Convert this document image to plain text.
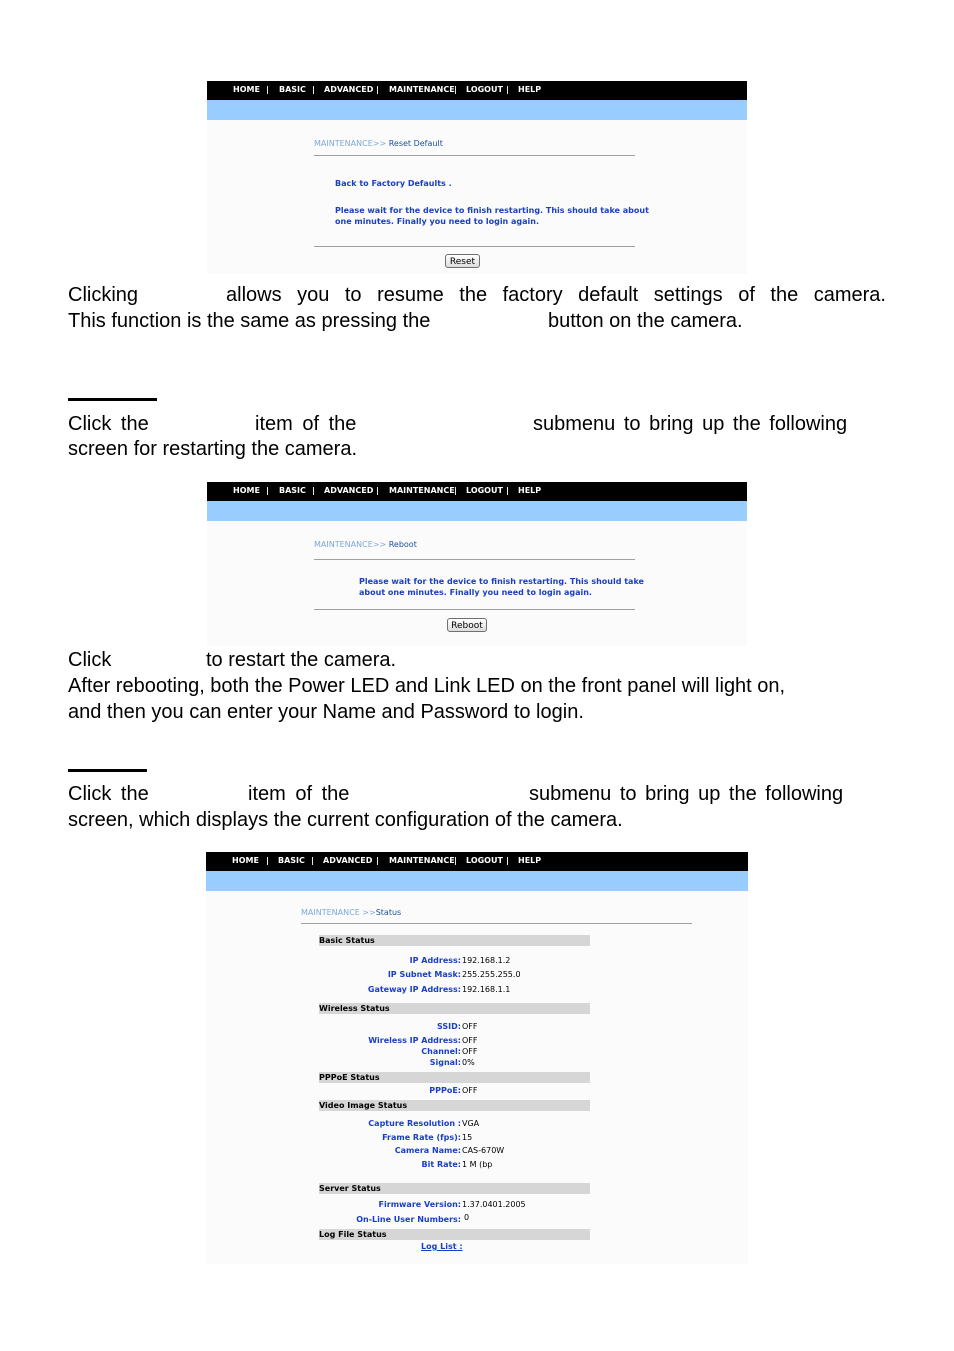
HOME | BASIC | ADVANCED | MAINTENANCE | LOGOUT | HELP
MAINTENANCE>> Reset Default
Back to Factory Defaults .
Please wait for the device to finish restarting. This should take about
one minutes. Finally you need to login again.
Reset
Clicking	allows you to resume the factory default settings of the camera.
This function is the same as pressing the	button on the camera.
Click the	item of the	submenu to bring up the following
screen for restarting the camera.
HOME | BASIC | ADVANCED | MAINTENANCE | LOGOUT | HELP
MAINTENANCE>> Reboot
Please wait for the device to finish restarting. This should take
about one minutes. Finally you need to login again.
Reboot
Click	to restart the camera.
After rebooting, both the Power LED and Link LED on the front panel will light on,
and then you can enter your Name and Password to login.
Click the	item of the	submenu to bring up the following
screen, which displays the current configuration of the camera.
HOME | BASIC | ADVANCED | MAINTENANCE | LOGOUT | HELP
MAINTENANCE >>Status
Basic Status
IP Address: 192.168.1.2
IP Subnet Mask: 255.255.255.0
Gateway IP Address: 192.168.1.1
Wireless Status
SSID: OFF
Wireless IP Address: OFF
Channel: OFF
Signal: 0%
PPPoE Status
PPPoE: OFF
Video Image Status
Capture Resolution : VGA
Frame Rate (fps): 15
Camera Name: CAS-670W
Bit Rate: 1 M (bp
Server Status
Firmware Version: 1.37.0401.2005
On-Line User Numbers: 0
Log File Status
Log List :
